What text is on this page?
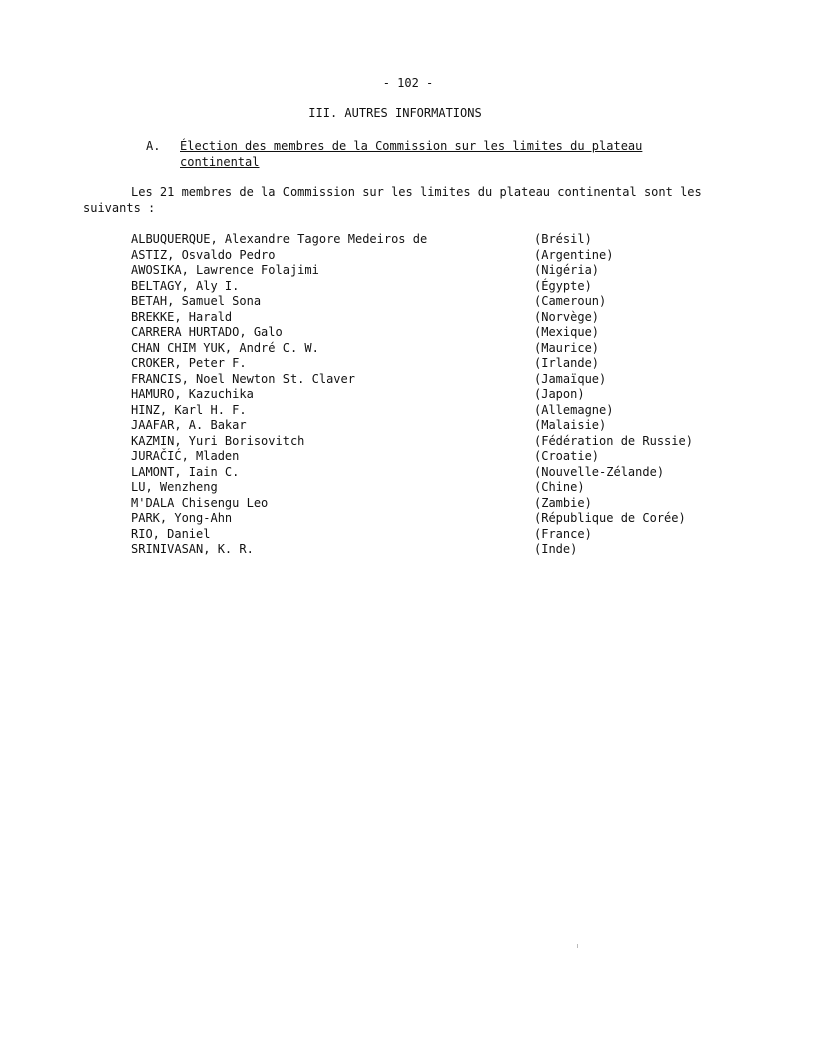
- 102 -
III. AUTRES INFORMATIONS
A. Élection des membres de la Commission sur les limites du plateau continental

Les 21 membres de la Commission sur les limites du plateau continental sont les suivants :

ALBUQUERQUE, Alexandre Tagore Medeiros de	(Brésil)
ASTIZ, Osvaldo Pedro	(Argentine)
AWOSIKA, Lawrence Folajimi	(Nigéria)
BELTAGY, Aly I.	(Égypte)
BETAH, Samuel Sona	(Cameroun)
BREKKE, Harald	(Norvège)
CARRERA HURTADO, Galo	(Mexique)
CHAN CHIM YUK, André C. W.	(Maurice)
CROKER, Peter F.	(Irlande)
FRANCIS, Noel Newton St. Claver	(Jamaïque)
HAMURO, Kazuchika	(Japon)
HINZ, Karl H. F.	(Allemagne)
JAAFAR, A. Bakar	(Malaisie)
KAZMIN, Yuri Borisovitch	(Fédération de Russie)
JURAČIĆ, Mladen	(Croatie)
LAMONT, Iain C.	(Nouvelle-Zélande)
LU, Wenzheng	(Chine)
M'DALA Chisengu Leo	(Zambie)
PARK, Yong-Ahn	(République de Corée)
RIO, Daniel	(France)
SRINIVASAN, K. R.	(Inde)
